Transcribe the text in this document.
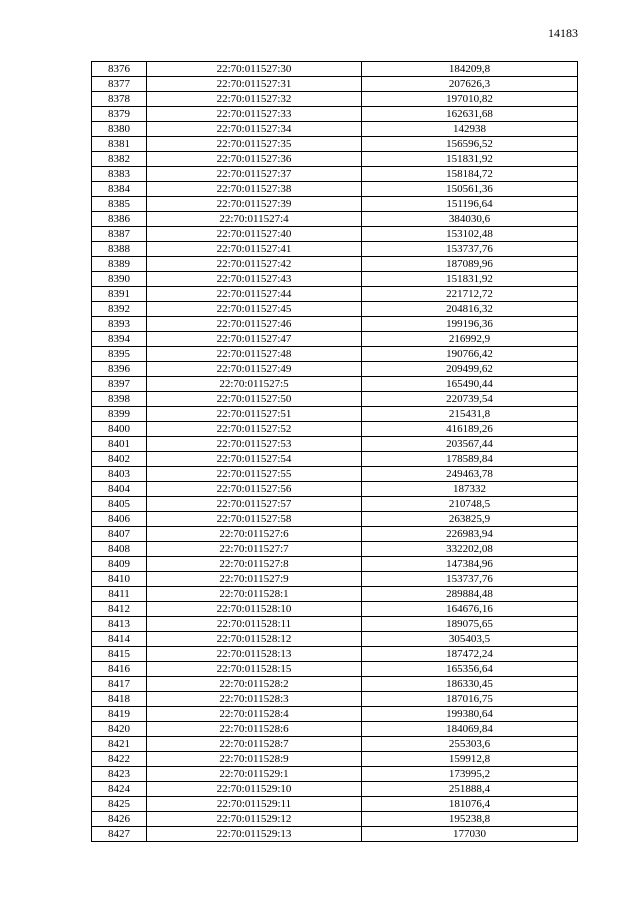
14183
8376	22:70:011527:30	184209,8
8377	22:70:011527:31	207626,3
8378	22:70:011527:32	197010,82
8379	22:70:011527:33	162631,68
8380	22:70:011527:34	142938
8381	22:70:011527:35	156596,52
8382	22:70:011527:36	151831,92
8383	22:70:011527:37	158184,72
8384	22:70:011527:38	150561,36
8385	22:70:011527:39	151196,64
8386	22:70:011527:4	384030,6
8387	22:70:011527:40	153102,48
8388	22:70:011527:41	153737,76
8389	22:70:011527:42	187089,96
8390	22:70:011527:43	151831,92
8391	22:70:011527:44	221712,72
8392	22:70:011527:45	204816,32
8393	22:70:011527:46	199196,36
8394	22:70:011527:47	216992,9
8395	22:70:011527:48	190766,42
8396	22:70:011527:49	209499,62
8397	22:70:011527:5	165490,44
8398	22:70:011527:50	220739,54
8399	22:70:011527:51	215431,8
8400	22:70:011527:52	416189,26
8401	22:70:011527:53	203567,44
8402	22:70:011527:54	178589,84
8403	22:70:011527:55	249463,78
8404	22:70:011527:56	187332
8405	22:70:011527:57	210748,5
8406	22:70:011527:58	263825,9
8407	22:70:011527:6	226983,94
8408	22:70:011527:7	332202,08
8409	22:70:011527:8	147384,96
8410	22:70:011527:9	153737,76
8411	22:70:011528:1	289884,48
8412	22:70:011528:10	164676,16
8413	22:70:011528:11	189075,65
8414	22:70:011528:12	305403,5
8415	22:70:011528:13	187472,24
8416	22:70:011528:15	165356,64
8417	22:70:011528:2	186330,45
8418	22:70:011528:3	187016,75
8419	22:70:011528:4	199380,64
8420	22:70:011528:6	184069,84
8421	22:70:011528:7	255303,6
8422	22:70:011528:9	159912,8
8423	22:70:011529:1	173995,2
8424	22:70:011529:10	251888,4
8425	22:70:011529:11	181076,4
8426	22:70:011529:12	195238,8
8427	22:70:011529:13	177030
